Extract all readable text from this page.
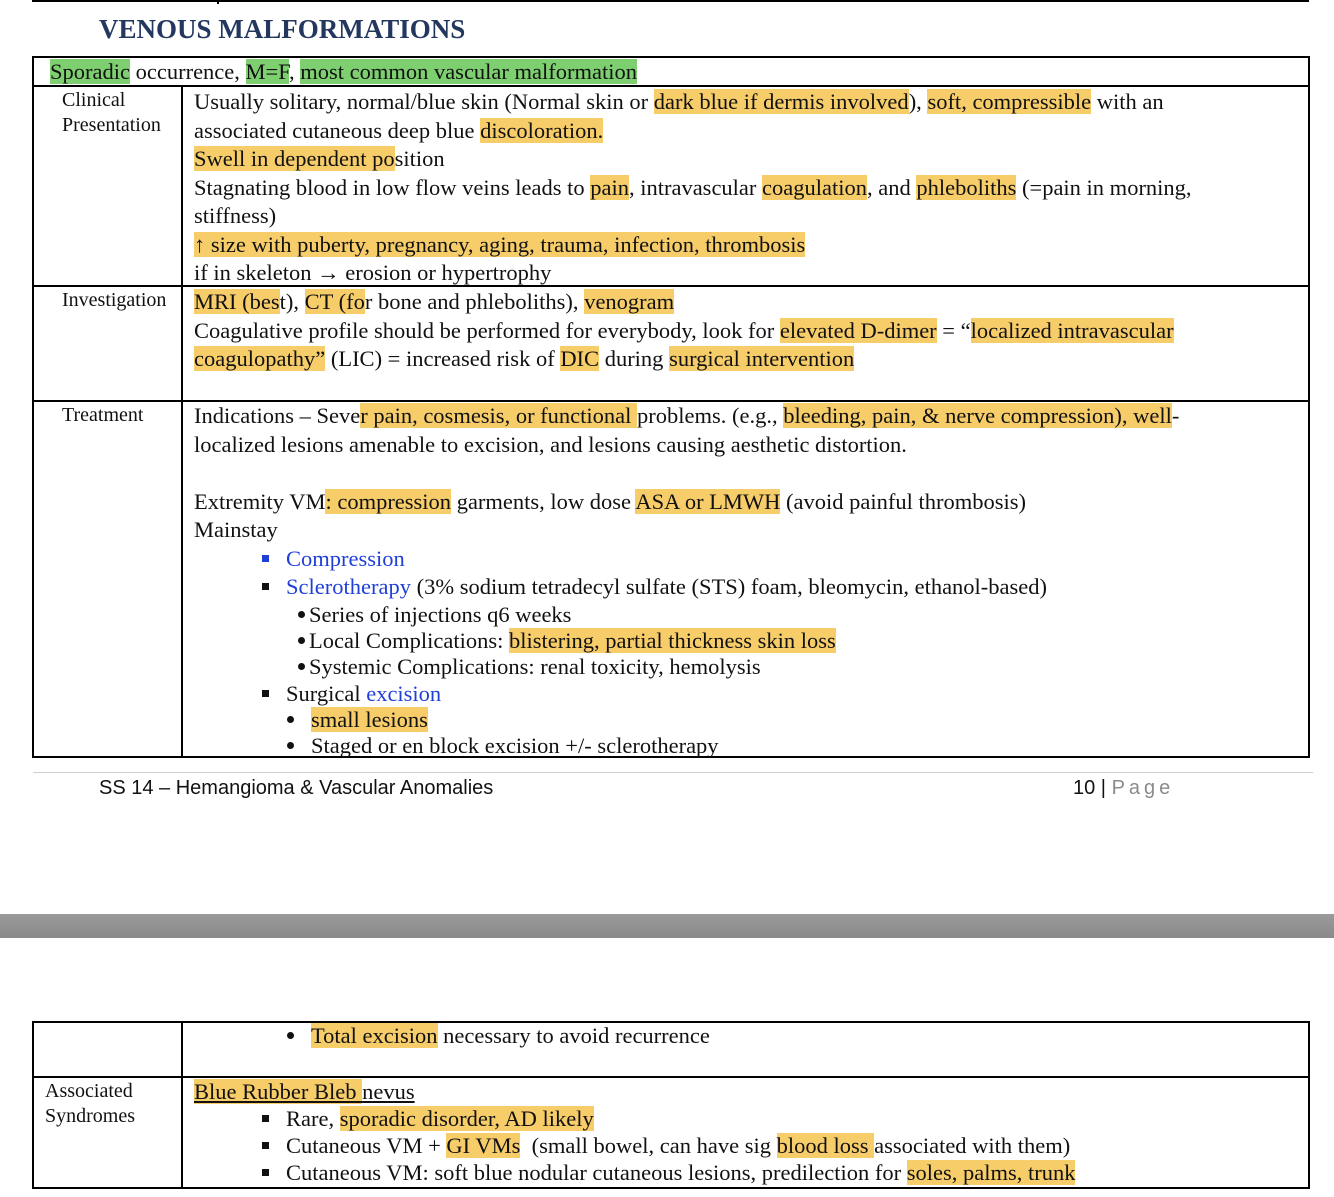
VENOUS MALFORMATIONS
Sporadic occurrence, M=F, most common vascular malformation
Clinical
Presentation
Usually solitary, normal/blue skin (Normal skin or dark blue if dermis involved), soft, compressible with an
associated cutaneous deep blue discoloration.
Swell in dependent position
Stagnating blood in low flow veins leads to pain, intravascular coagulation, and phleboliths (=pain in morning,
stiffness)
↑ size with puberty, pregnancy, aging, trauma, infection, thrombosis
if in skeleton → erosion or hypertrophy
Investigation MRI (best), CT (for bone and phleboliths), venogram
Coagulative profile should be performed for everybody, look for elevated D-dimer = “localized intravascular
coagulopathy” (LIC) = increased risk of DIC during surgical intervention
Treatment Indications – Sever pain, cosmesis, or functional problems. (e.g., bleeding, pain, & nerve compression), well-
localized lesions amenable to excision, and lesions causing aesthetic distortion.
Extremity VM: compression garments, low dose ASA or LMWH (avoid painful thrombosis)
Mainstay
Compression
Sclerotherapy (3% sodium tetradecyl sulfate (STS) foam, bleomycin, ethanol-based)
Series of injections q6 weeks
Local Complications: blistering, partial thickness skin loss
Systemic Complications: renal toxicity, hemolysis
Surgical excision
small lesions
Staged or en block excision +/- sclerotherapy
SS 14 – Hemangioma & Vascular Anomalies	10 | Page
Total excision necessary to avoid recurrence
Associated
Syndromes
Blue Rubber Bleb nevus
Rare, sporadic disorder, AD likely
Cutaneous VM + GI VMs  (small bowel, can have sig blood loss associated with them)
Cutaneous VM: soft blue nodular cutaneous lesions, predilection for soles, palms, trunk
